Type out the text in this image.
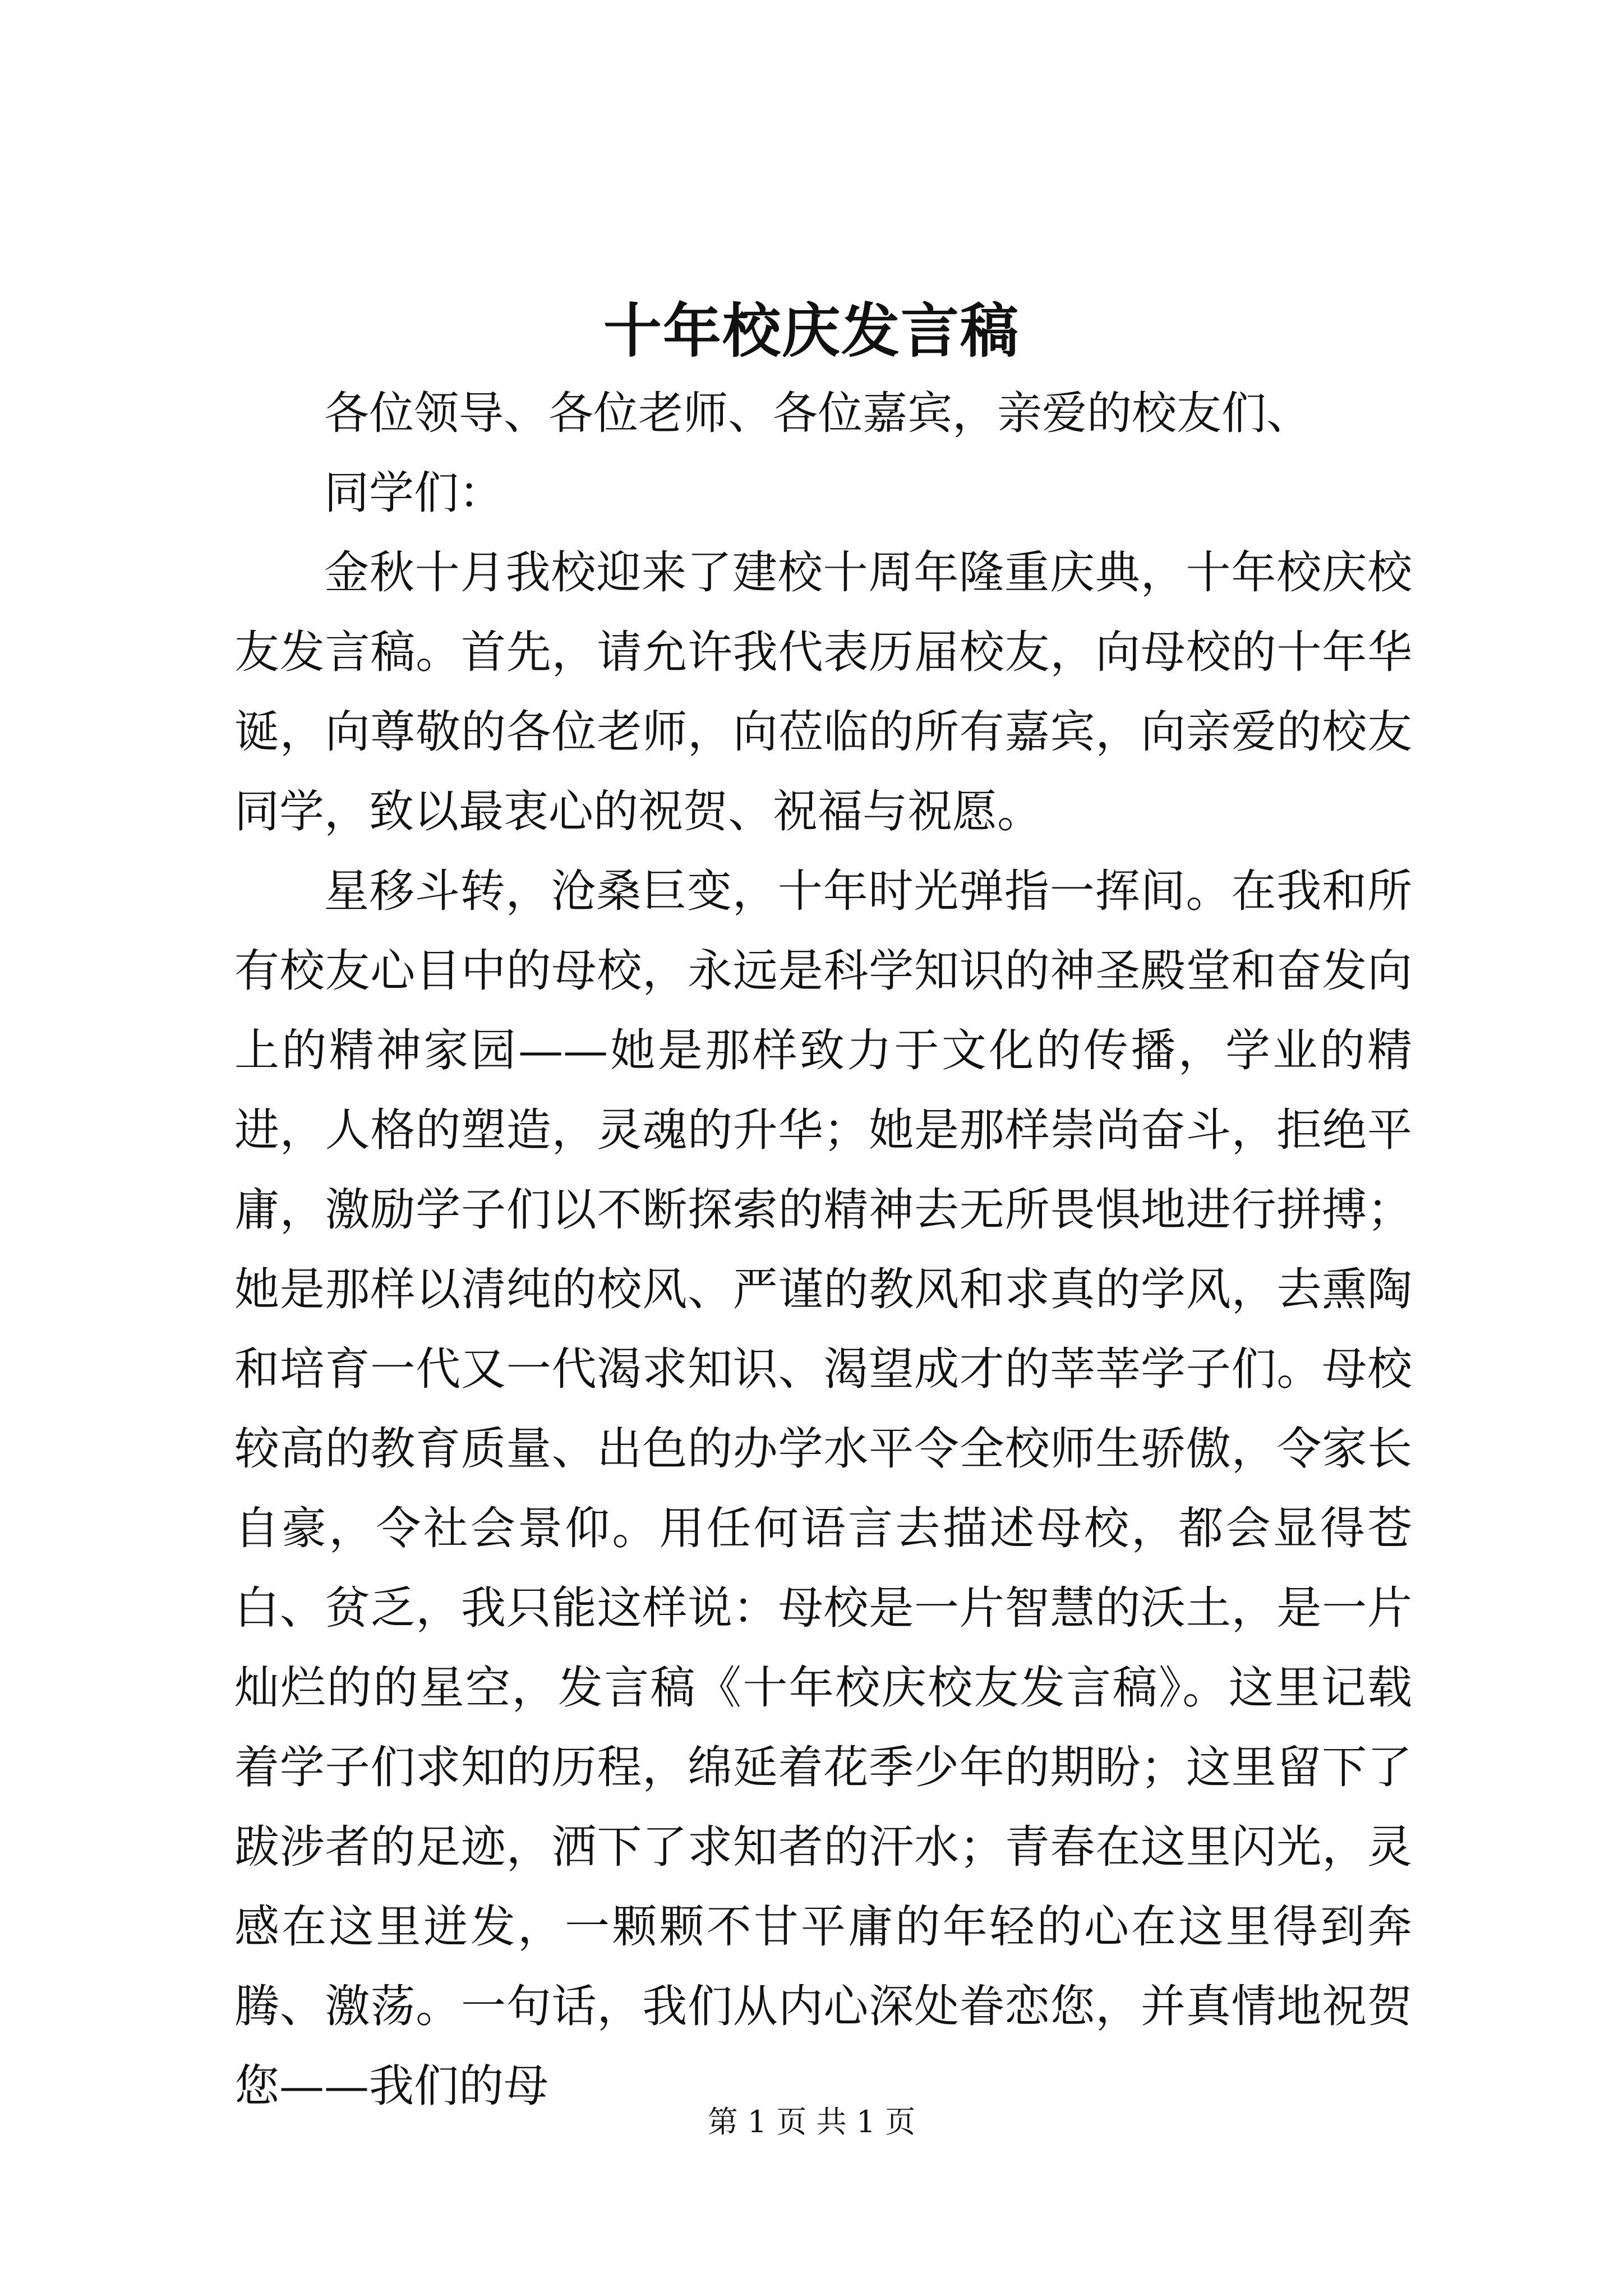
十年校庆发言稿

各位领导、各位老师、各位嘉宾，亲爱的校友们、

同学们：

金秋十月我校迎来了建校十周年隆重庆典，十年校庆校友发言稿。首先，请允许我代表历届校友，向母校的十年华诞，向尊敬的各位老师，向莅临的所有嘉宾，向亲爱的校友同学，致以最衷心的祝贺、祝福与祝愿。

星移斗转，沧桑巨变，十年时光弹指一挥间。在我和所有校友心目中的母校，永远是科学知识的神圣殿堂和奋发向上的精神家园——她是那样致力于文化的传播，学业的精进，人格的塑造，灵魂的升华；她是那样崇尚奋斗，拒绝平庸，激励学子们以不断探索的精神去无所畏惧地进行拼搏；她是那样以清纯的校风、严谨的教风和求真的学风，去熏陶和培育一代又一代渴求知识、渴望成才的莘莘学子们。母校较高的教育质量、出色的办学水平令全校师生骄傲，令家长自豪，令社会景仰。用任何语言去描述母校，都会显得苍白、贫乏，我只能这样说：母校是一片智慧的沃土，是一片灿烂的的星空，发言稿《十年校庆校友发言稿》。这里记载着学子们求知的历程，绵延着花季少年的期盼；这里留下了跋涉者的足迹，洒下了求知者的汗水；青春在这里闪光，灵感在这里迸发，一颗颗不甘平庸的年轻的心在这里得到奔腾、激荡。一句话，我们从内心深处眷恋您，并真情地祝贺您——我们的母

第 1 页 共 1 页
